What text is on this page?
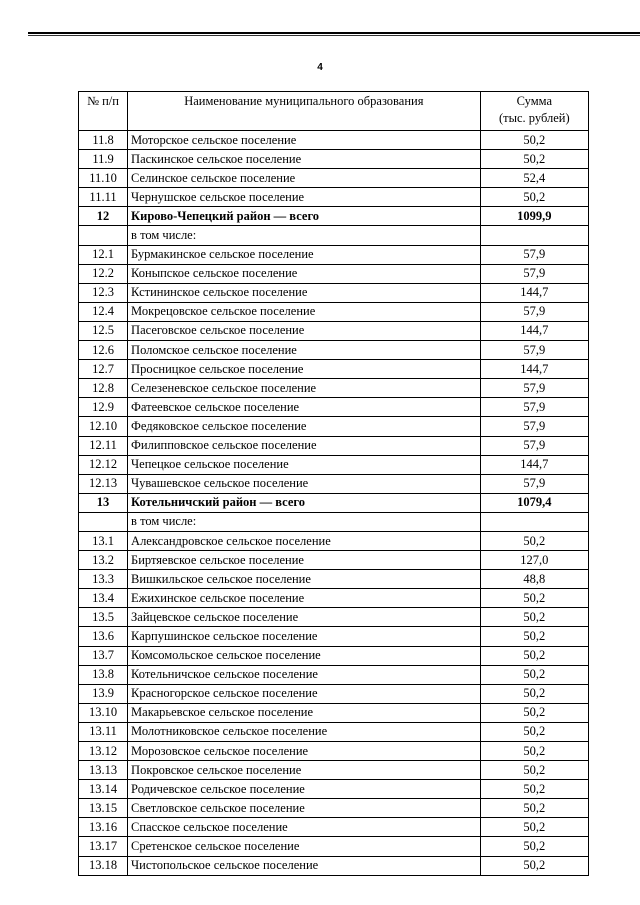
4
№ п/п	Наименование муниципального образования	Сумма
(тыс. рублей)

11.8	Моторское сельское поселение	50,2
11.9	Паскинское сельское поселение	50,2
11.10	Селинское сельское поселение	52,4
11.11	Чернушское сельское поселение	50,2
12	Кирово-Чепецкий район — всего	1099,9
	в том числе:	
12.1	Бурмакинское сельское поселение	57,9
12.2	Коныпское сельское поселение	57,9
12.3	Кстининское сельское поселение	144,7
12.4	Мокрецовское сельское поселение	57,9
12.5	Пасеговское сельское поселение	144,7
12.6	Поломское сельское поселение	57,9
12.7	Просницкое сельское поселение	144,7
12.8	Селезеневское сельское поселение	57,9
12.9	Фатеевское сельское поселение	57,9
12.10	Федяковское сельское поселение	57,9
12.11	Филипповское сельское поселение	57,9
12.12	Чепецкое сельское поселение	144,7
12.13	Чувашевское сельское поселение	57,9
13	Котельничский район — всего	1079,4
	в том числе:	
13.1	Александровское сельское поселение	50,2
13.2	Биртяевское сельское поселение	127,0
13.3	Вишкильское сельское поселение	48,8
13.4	Ежихинское сельское поселение	50,2
13.5	Зайцевское сельское поселение	50,2
13.6	Карпушинское сельское поселение	50,2
13.7	Комсомольское сельское поселение	50,2
13.8	Котельничское сельское поселение	50,2
13.9	Красногорское сельское поселение	50,2
13.10	Макарьевское сельское поселение	50,2
13.11	Молотниковское сельское поселение	50,2
13.12	Морозовское сельское поселение	50,2
13.13	Покровское сельское поселение	50,2
13.14	Родичевское сельское поселение	50,2
13.15	Светловское сельское поселение	50,2
13.16	Спасское сельское поселение	50,2
13.17	Сретенское сельское поселение	50,2
13.18	Чистопольское сельское поселение	50,2
